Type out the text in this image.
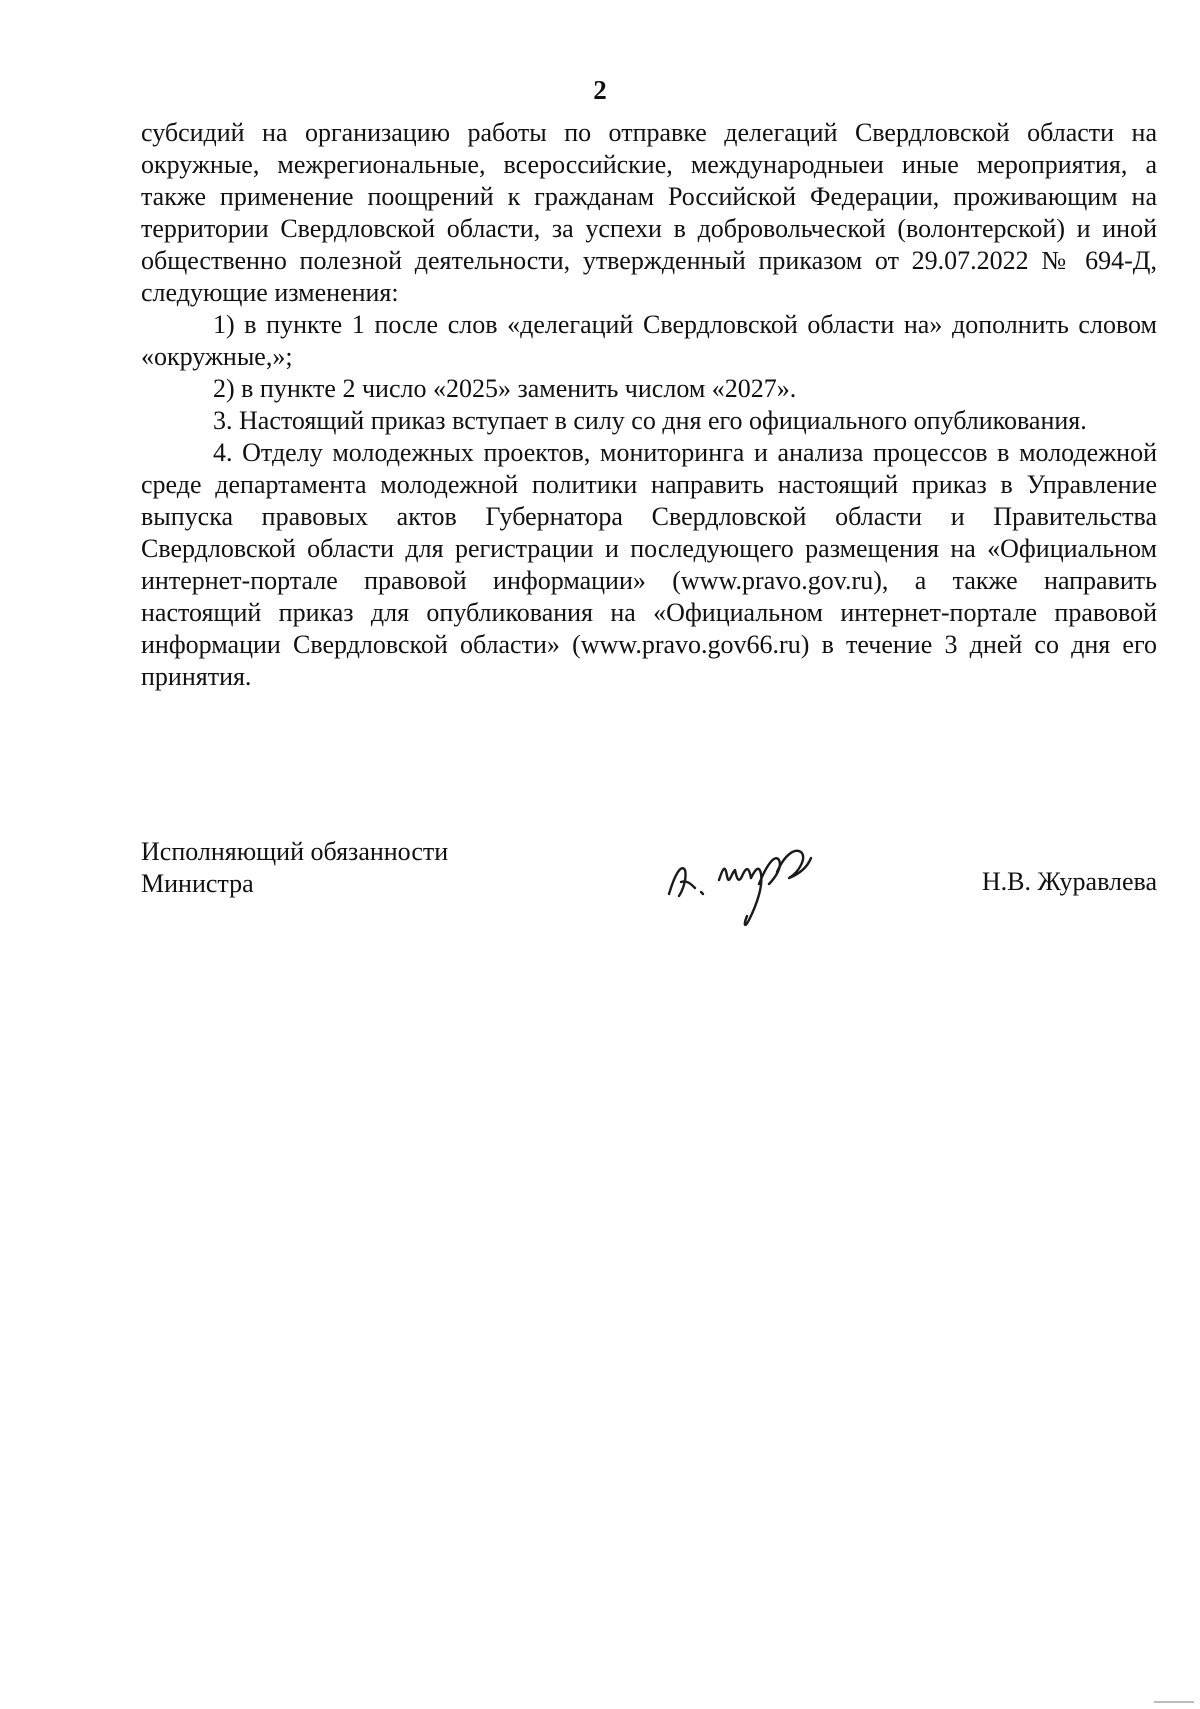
2

субсидий на организацию работы по отправке делегаций Свердловской области на окружные, межрегиональные, всероссийские, международныеи иные мероприятия, а также применение поощрений к гражданам Российской Федерации, проживающим на территории Свердловской области, за успехи в добровольческой (волонтерской) и иной общественно полезной деятельности, утвержденный приказом от 29.07.2022 № 694-Д, следующие изменения:

1) в пункте 1 после слов «делегаций Свердловской области на» дополнить словом «окружные,»;

2) в пункте 2 число «2025» заменить числом «2027».

3. Настоящий приказ вступает в силу со дня его официального опубликования.

4. Отделу молодежных проектов, мониторинга и анализа процессов в молодежной среде департамента молодежной политики направить настоящий приказ в Управление выпуска правовых актов Губернатора Свердловской области и Правительства Свердловской области для регистрации и последующего размещения на «Официальном интернет-портале правовой информации» (www.pravo.gov.ru), а также направить настоящий приказ для опубликования на «Официальном интернет-портале правовой информации Свердловской области» (www.pravo.gov66.ru) в течение 3 дней со дня его принятия.

Исполняющий обязанности
Министра	Н.В. Журавлева
